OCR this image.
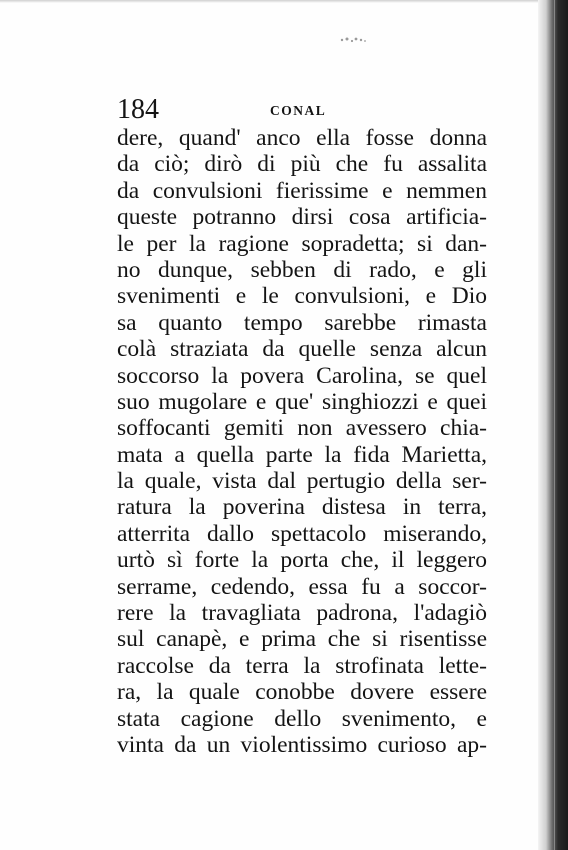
184	CONAL
dere, quand' anco ella fosse donna
da ciò; dirò di più che fu assalita
da convulsioni fierissime e nemmen
queste potranno dirsi cosa artificia-
le per la ragione sopradetta; si dan-
no dunque, sebben di rado, e gli
svenimenti e le convulsioni, e Dio
sa quanto tempo sarebbe rimasta
colà straziata da quelle senza alcun
soccorso la povera Carolina, se quel
suo mugolare e que' singhiozzi e quei
soffocanti gemiti non avessero chia-
mata a quella parte la fida Marietta,
la quale, vista dal pertugio della ser-
ratura la poverina distesa in terra,
atterrita dallo spettacolo miserando,
urtò sì forte la porta che, il leggero
serrame, cedendo, essa fu a soccor-
rere la travagliata padrona, l'adagiò
sul canapè, e prima che si risentisse
raccolse da terra la strofinata lette-
ra, la quale conobbe dovere essere
stata cagione dello svenimento, e
vinta da un violentissimo curioso ap-
